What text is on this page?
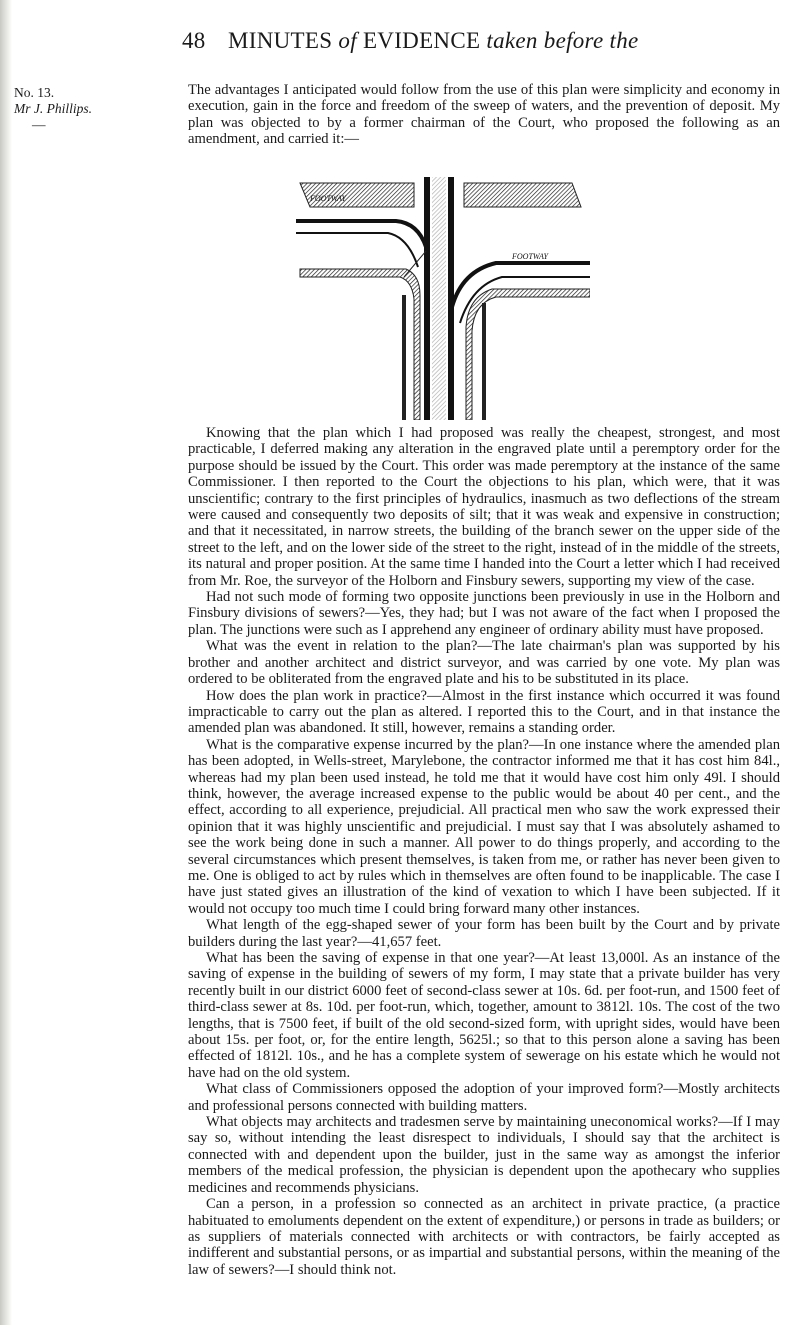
48 MINUTES of EVIDENCE taken before the
No. 13.
Mr J. Phillips.
—

The advantages I anticipated would follow from the use of this plan were simplicity and economy in execution, gain in the force and freedom of the sweep of waters, and the prevention of deposit. My plan was objected to by a former chairman of the Court, who proposed the following as an amendment, and carried it:—

FOOTWAY
FOOTWAY

Knowing that the plan which I had proposed was really the cheapest, strongest, and most practicable, I deferred making any alteration in the engraved plate until a peremptory order for the purpose should be issued by the Court. This order was made peremptory at the instance of the same Commissioner. I then reported to the Court the objections to his plan, which were, that it was unscientific; contrary to the first principles of hydraulics, inasmuch as two deflections of the stream were caused and consequently two deposits of silt; that it was weak and expensive in construction; and that it necessitated, in narrow streets, the building of the branch sewer on the upper side of the street to the left, and on the lower side of the street to the right, instead of in the middle of the streets, its natural and proper position. At the same time I handed into the Court a letter which I had received from Mr. Roe, the surveyor of the Holborn and Finsbury sewers, supporting my view of the case.

Had not such mode of forming two opposite junctions been previously in use in the Holborn and Finsbury divisions of sewers?—Yes, they had; but I was not aware of the fact when I proposed the plan. The junctions were such as I apprehend any engineer of ordinary ability must have proposed.

What was the event in relation to the plan?—The late chairman's plan was supported by his brother and another architect and district surveyor, and was carried by one vote. My plan was ordered to be obliterated from the engraved plate and his to be substituted in its place.

How does the plan work in practice?—Almost in the first instance which occurred it was found impracticable to carry out the plan as altered. I reported this to the Court, and in that instance the amended plan was abandoned. It still, however, remains a standing order.

What is the comparative expense incurred by the plan?—In one instance where the amended plan has been adopted, in Wells-street, Marylebone, the contractor informed me that it has cost him 84l., whereas had my plan been used instead, he told me that it would have cost him only 49l. I should think, however, the average increased expense to the public would be about 40 per cent., and the effect, according to all experience, prejudicial. All practical men who saw the work expressed their opinion that it was highly unscientific and prejudicial. I must say that I was absolutely ashamed to see the work being done in such a manner. All power to do things properly, and according to the several circumstances which present themselves, is taken from me, or rather has never been given to me. One is obliged to act by rules which in themselves are often found to be inapplicable. The case I have just stated gives an illustration of the kind of vexation to which I have been subjected. If it would not occupy too much time I could bring forward many other instances.

What length of the egg-shaped sewer of your form has been built by the Court and by private builders during the last year?—41,657 feet.

What has been the saving of expense in that one year?—At least 13,000l. As an instance of the saving of expense in the building of sewers of my form, I may state that a private builder has very recently built in our district 6000 feet of second-class sewer at 10s. 6d. per foot-run, and 1500 feet of third-class sewer at 8s. 10d. per foot-run, which, together, amount to 3812l. 10s. The cost of the two lengths, that is 7500 feet, if built of the old second-sized form, with upright sides, would have been about 15s. per foot, or, for the entire length, 5625l.; so that to this person alone a saving has been effected of 1812l. 10s., and he has a complete system of sewerage on his estate which he would not have had on the old system.

What class of Commissioners opposed the adoption of your improved form?—Mostly architects and professional persons connected with building matters.

What objects may architects and tradesmen serve by maintaining uneconomical works?—If I may say so, without intending the least disrespect to individuals, I should say that the architect is connected with and dependent upon the builder, just in the same way as amongst the inferior members of the medical profession, the physician is dependent upon the apothecary who supplies medicines and recommends physicians.

Can a person, in a profession so connected as an architect in private practice, (a practice habituated to emoluments dependent on the extent of expenditure,) or persons in trade as builders; or as suppliers of materials connected with architects or with contractors, be fairly accepted as indifferent and substantial persons, or as impartial and substantial persons, within the meaning of the law of sewers?—I should think not.
